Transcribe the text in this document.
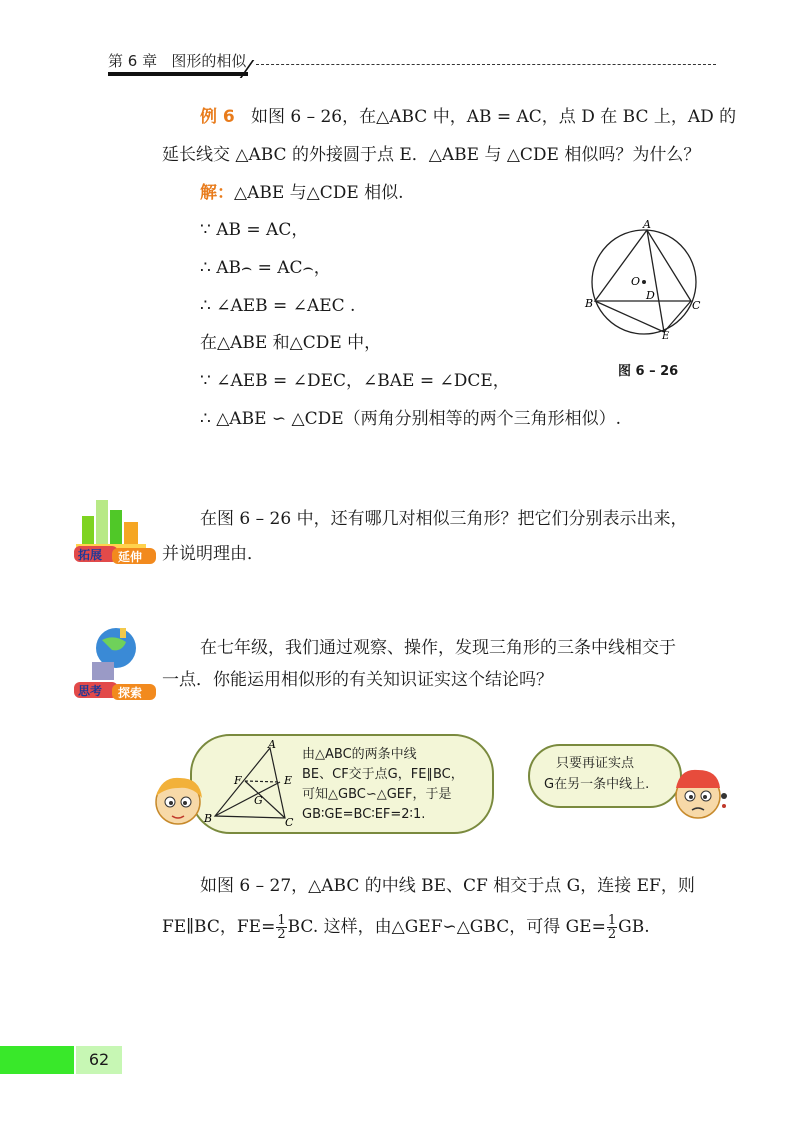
第 6 章 图形的相似
例 6 如图 6 – 26，在△ABC 中，AB = AC，点 D 在 BC 上，AD 的
延长线交 △ABC 的外接圆于点 E．△ABE 与 △CDE 相似吗？为什么？
解：△ABE 与△CDE 相似.
∵ AB = AC，
∴ AB⌢ = AC⌢，
∴ ∠AEB = ∠AEC .
在△ABE 和△CDE 中，
∵ ∠AEB = ∠DEC，∠BAE = ∠DCE，
∴ △ABE ∽ △CDE（两角分别相等的两个三角形相似）.
A
B	C
D
E
O
图 6 – 26
拓展 延伸
在图 6 – 26 中，还有哪几对相似三角形？把它们分别表示出来，
并说明理由．
思考 探索
在七年级，我们通过观察、操作，发现三角形的三条中线相交于
一点．你能运用相似形的有关知识证实这个结论吗？
A
B	C
E
F
G
由△ABC的两条中线
BE、CF交于点G，FE∥BC，
可知△GBC∽△GEF，于是
GB∶GE=BC∶EF=2∶1.
只要再证实点
G在另一条中线上.
如图 6 – 27，△ABC 的中线 BE、CF 相交于点 G，连接 EF，则
FE∥BC，$FE= \frac{1}{2}$ BC. 这样，由△GEF∽△GBC，可得 $GE= \frac{1}{2}$ GB.
62
